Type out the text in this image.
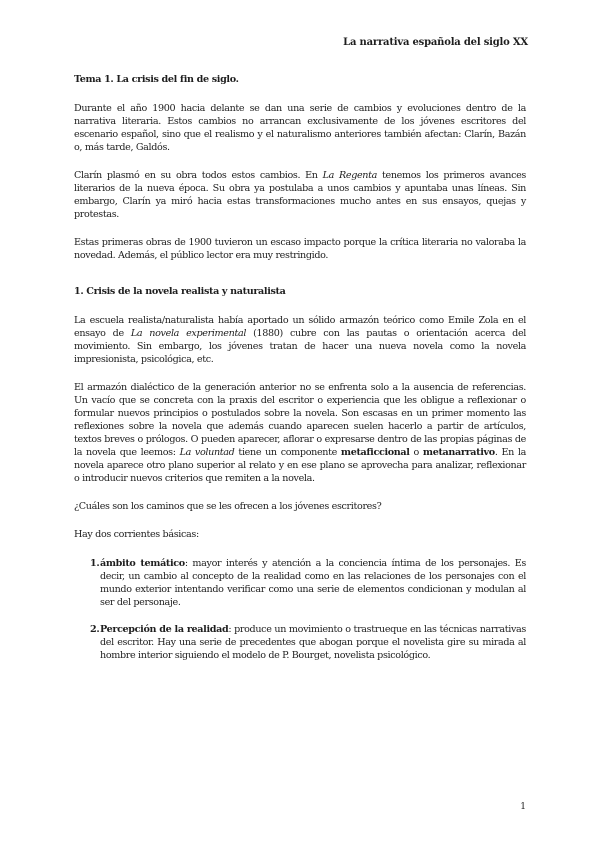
La narrativa española del siglo XX
Tema 1. La crisis del fin de siglo.

Durante el año 1900 hacia delante se dan una serie de cambios y evoluciones dentro de la narrativa literaria. Estos cambios no arrancan exclusivamente de los jóvenes escritores del escenario español, sino que el realismo y el naturalismo anteriores también afectan: Clarín, Bazán o, más tarde, Galdós.

Clarín plasmó en su obra todos estos cambios. En La Regenta tenemos los primeros avances literarios de la nueva época. Su obra ya postulaba a unos cambios y apuntaba unas líneas. Sin embargo, Clarín ya miró hacia estas transformaciones mucho antes en sus ensayos, quejas y protestas.

Estas primeras obras de 1900 tuvieron un escaso impacto porque la crítica literaria no valoraba la novedad. Además, el público lector era muy restringido.

1. Crisis de la novela realista y naturalista

La escuela realista/naturalista había aportado un sólido armazón teórico como Emile Zola en el ensayo de La novela experimental (1880) cubre con las pautas o orientación acerca del movimiento. Sin embargo, los jóvenes tratan de hacer una nueva novela como la novela impresionista, psicológica, etc.

El armazón dialéctico de la generación anterior no se enfrenta solo a la ausencia de referencias. Un vacío que se concreta con la praxis del escritor o experiencia que les obligue a reflexionar o formular nuevos principios o postulados sobre la novela. Son escasas en un primer momento las reflexiones sobre la novela que además cuando aparecen suelen hacerlo a partir de artículos, textos breves o prólogos. O pueden aparecer, aflorar o expresarse dentro de las propias páginas de la novela que leemos: La voluntad tiene un componente metaficcional o metanarrativo. En la novela aparece otro plano superior al relato y en ese plano se aprovecha para analizar, reflexionar o introducir nuevos criterios que remiten a la novela.

¿Cuáles son los caminos que se les ofrecen a los jóvenes escritores?

Hay dos corrientes básicas:

1. ámbito temático: mayor interés y atención a la conciencia íntima de los personajes. Es decir, un cambio al concepto de la realidad como en las relaciones de los personajes con el mundo exterior intentando verificar como una serie de elementos condicionan y modulan al ser del personaje.
2. Percepción de la realidad: produce un movimiento o trastrueque en las técnicas narrativas del escritor. Hay una serie de precedentes que abogan porque el novelista gire su mirada al hombre interior siguiendo el modelo de P. Bourget, novelista psicológico.
1
